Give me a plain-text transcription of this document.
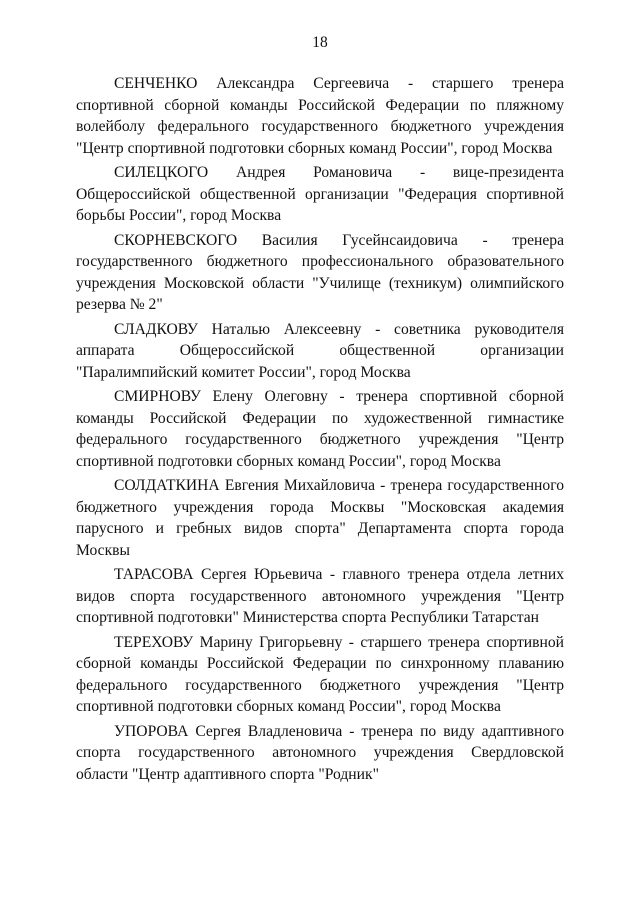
18

СЕНЧЕНКО Александра Сергеевича - старшего тренера спортивной сборной команды Российской Федерации по пляжному волейболу федерального государственного бюджетного учреждения "Центр спортивной подготовки сборных команд России", город Москва

СИЛЕЦКОГО Андрея Романовича - вице-президента Общероссийской общественной организации "Федерация спортивной борьбы России", город Москва

СКОРНЕВСКОГО Василия Гусейнсаидовича - тренера государственного бюджетного профессионального образовательного учреждения Московской области "Училище (техникум) олимпийского резерва № 2"

СЛАДКОВУ Наталью Алексеевну - советника руководителя аппарата Общероссийской общественной организации "Паралимпийский комитет России", город Москва

СМИРНОВУ Елену Олеговну - тренера спортивной сборной команды Российской Федерации по художественной гимнастике федерального государственного бюджетного учреждения "Центр спортивной подготовки сборных команд России", город Москва

СОЛДАТКИНА Евгения Михайловича - тренера государственного бюджетного учреждения города Москвы "Московская академия парусного и гребных видов спорта" Департамента спорта города Москвы

ТАРАСОВА Сергея Юрьевича - главного тренера отдела летних видов спорта государственного автономного учреждения "Центр спортивной подготовки" Министерства спорта Республики Татарстан

ТЕРЕХОВУ Марину Григорьевну - старшего тренера спортивной сборной команды Российской Федерации по синхронному плаванию федерального государственного бюджетного учреждения "Центр спортивной подготовки сборных команд России", город Москва

УПОРОВА Сергея Владленовича - тренера по виду адаптивного спорта государственного автономного учреждения Свердловской области "Центр адаптивного спорта "Родник"
